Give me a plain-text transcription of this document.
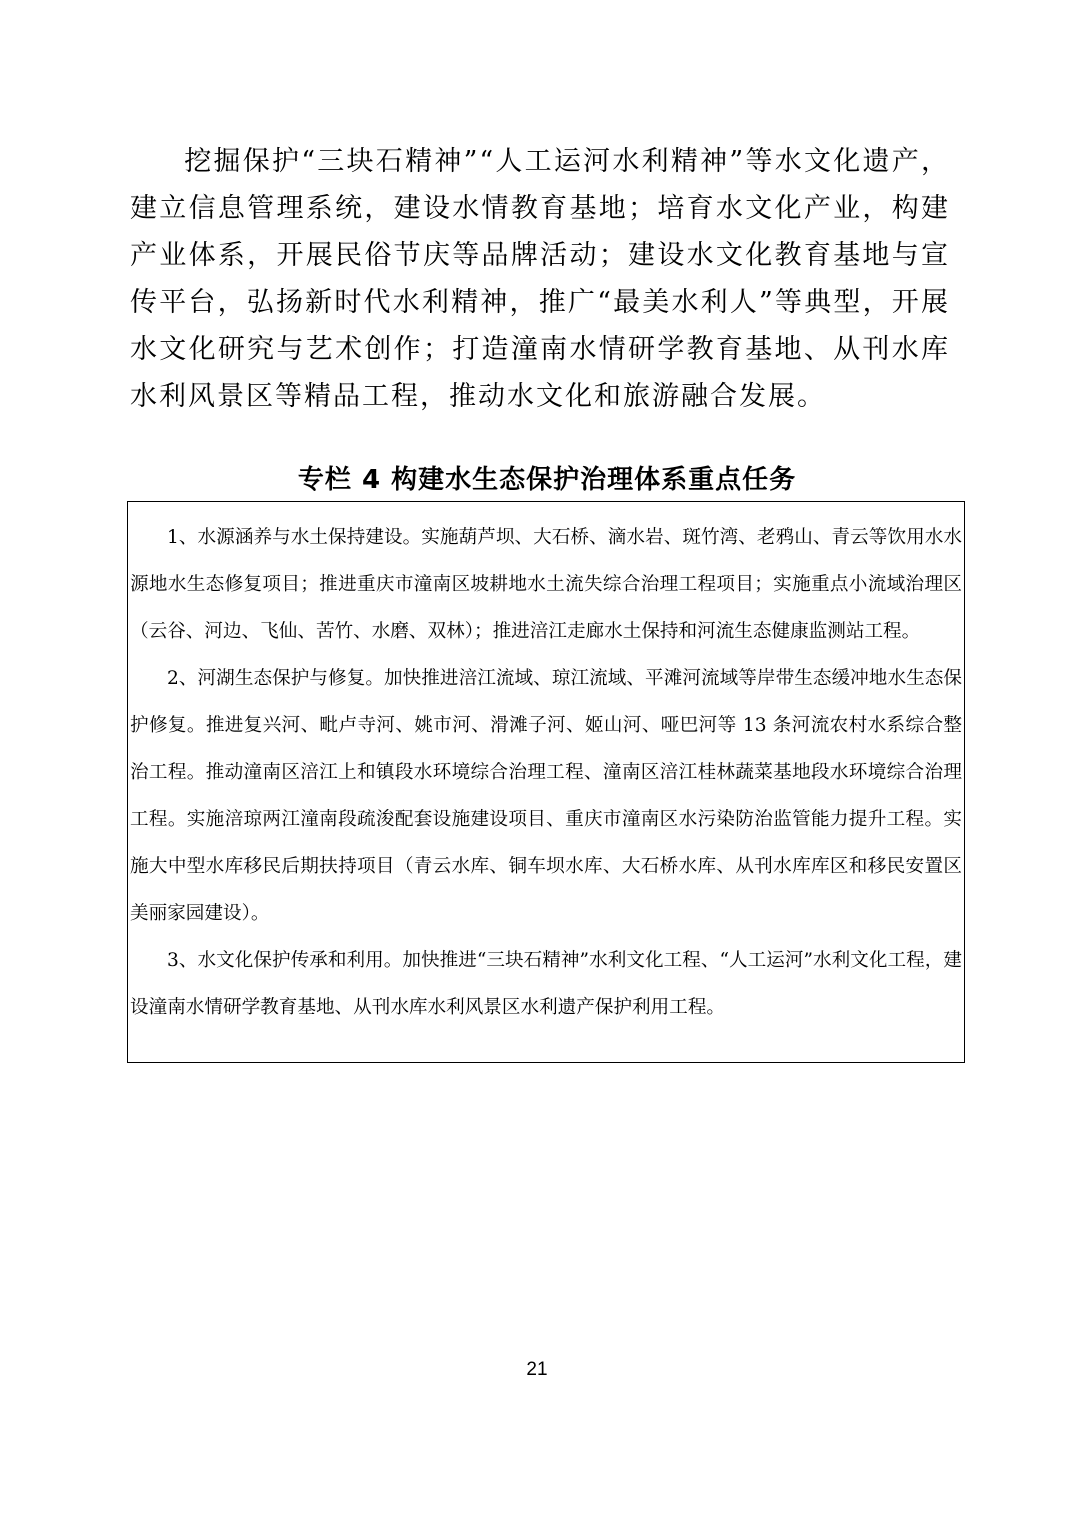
挖掘保护“三块石精神”“人工运河水利精神”等水文化遗产，建立信息管理系统，建设水情教育基地；培育水文化产业，构建产业体系，开展民俗节庆等品牌活动；建设水文化教育基地与宣传平台，弘扬新时代水利精神，推广“最美水利人”等典型，开展水文化研究与艺术创作；打造潼南水情研学教育基地、从刊水库水利风景区等精品工程，推动水文化和旅游融合发展。

专栏 4 构建水生态保护治理体系重点任务

1、水源涵养与水土保持建设。实施葫芦坝、大石桥、滴水岩、斑竹湾、老鸦山、青云等饮用水水源地水生态修复项目；推进重庆市潼南区坡耕地水土流失综合治理工程项目；实施重点小流域治理区（云谷、河边、飞仙、苦竹、水磨、双林）；推进涪江走廊水土保持和河流生态健康监测站工程。

2、河湖生态保护与修复。加快推进涪江流域、琼江流域、平滩河流域等岸带生态缓冲地水生态保护修复。推进复兴河、毗卢寺河、姚市河、滑滩子河、姬山河、哑巴河等 13 条河流农村水系综合整治工程。推动潼南区涪江上和镇段水环境综合治理工程、潼南区涪江桂林蔬菜基地段水环境综合治理工程。实施涪琼两江潼南段疏浚配套设施建设项目、重庆市潼南区水污染防治监管能力提升工程。实施大中型水库移民后期扶持项目（青云水库、铜车坝水库、大石桥水库、从刊水库库区和移民安置区美丽家园建设）。

3、水文化保护传承和利用。加快推进“三块石精神”水利文化工程、“人工运河”水利文化工程，建设潼南水情研学教育基地、从刊水库水利风景区水利遗产保护利用工程。

21
